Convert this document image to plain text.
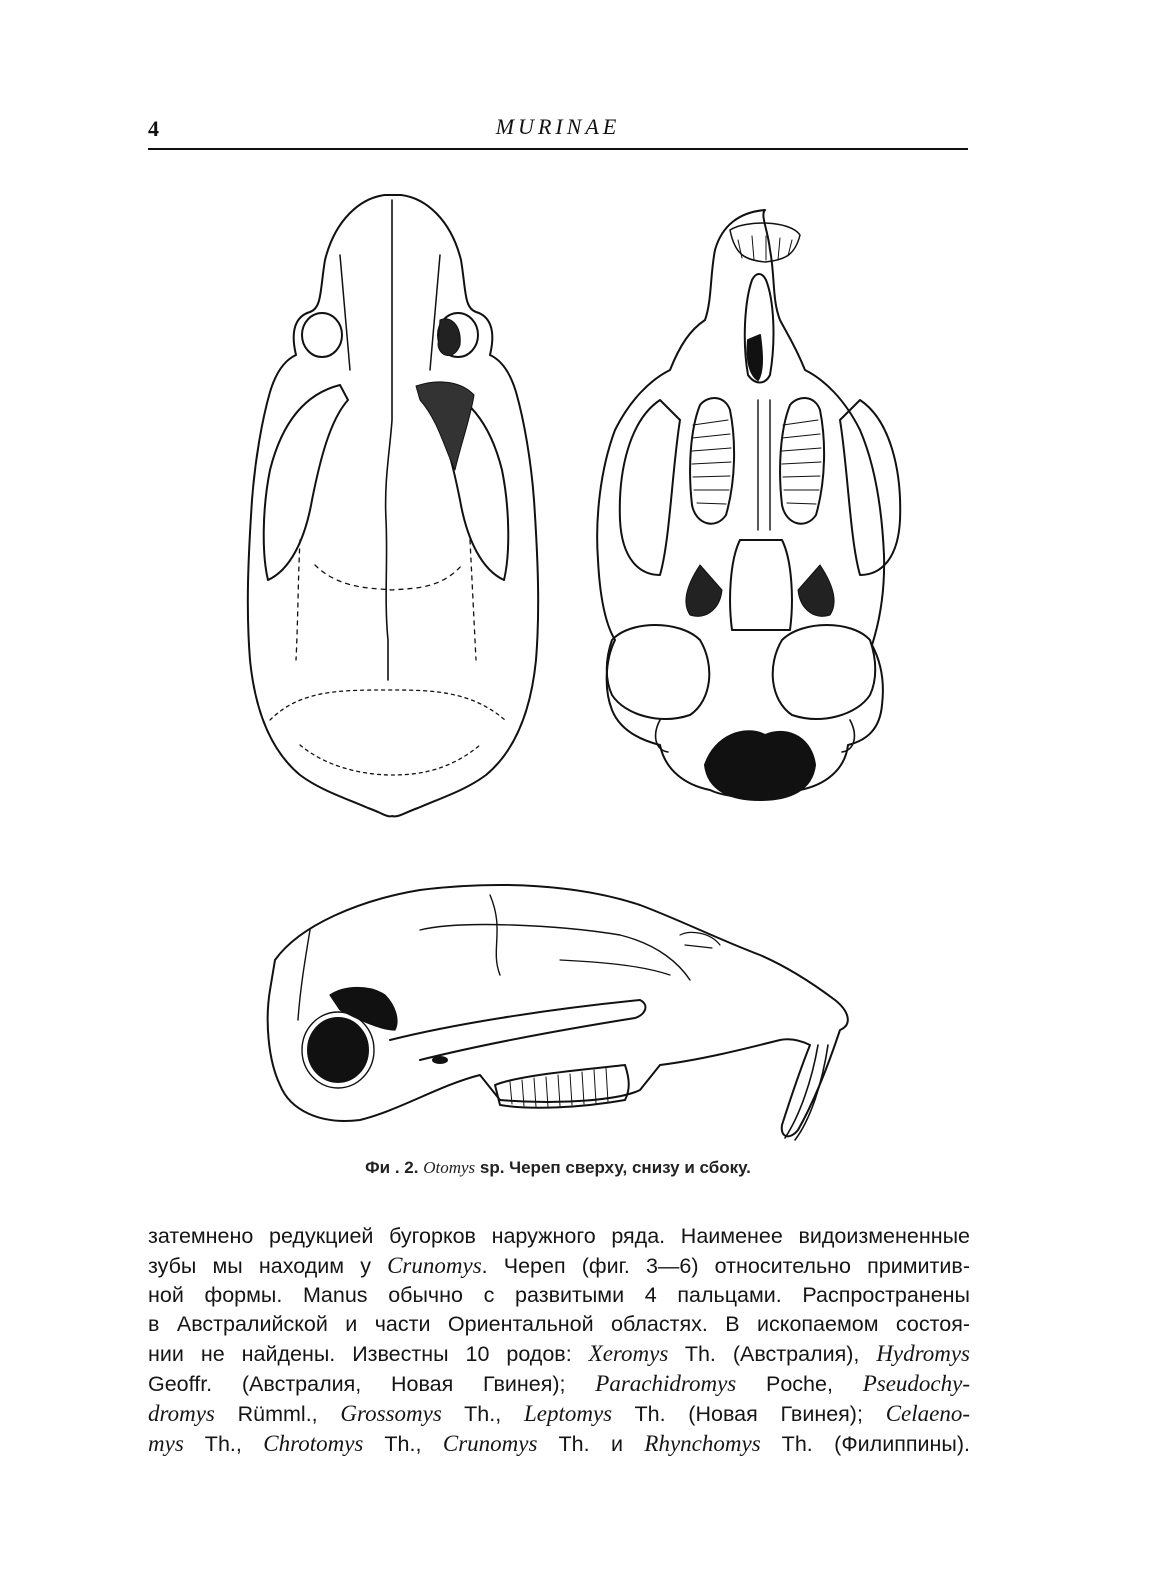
4	MURINAE
Фи . 2. Otomys sp. Череп сверху, снизу и сбоку.
затемнено редукцией бугорков наружного ряда. Наименее видоизмененные
зубы мы находим у Crunomys. Череп (фиг. 3—6) относительно примитив-
ной формы. Manus обычно с развитыми 4 пальцами. Распространены
в Австралийской и части Ориентальной областях. В ископаемом состоя-
нии не найдены. Известны 10 родов: Xeromys Th. (Австралия), Hydromys
Geoffr. (Австралия, Новая Гвинея); Parachidromys Poche, Pseudochy-
dromys Rümml., Grossomys Th., Leptomys Th. (Новая Гвинея); Celaeno-
mys Th., Chrotomys Th., Crunomys Th. и Rhynchomys Th. (Филиппины).
